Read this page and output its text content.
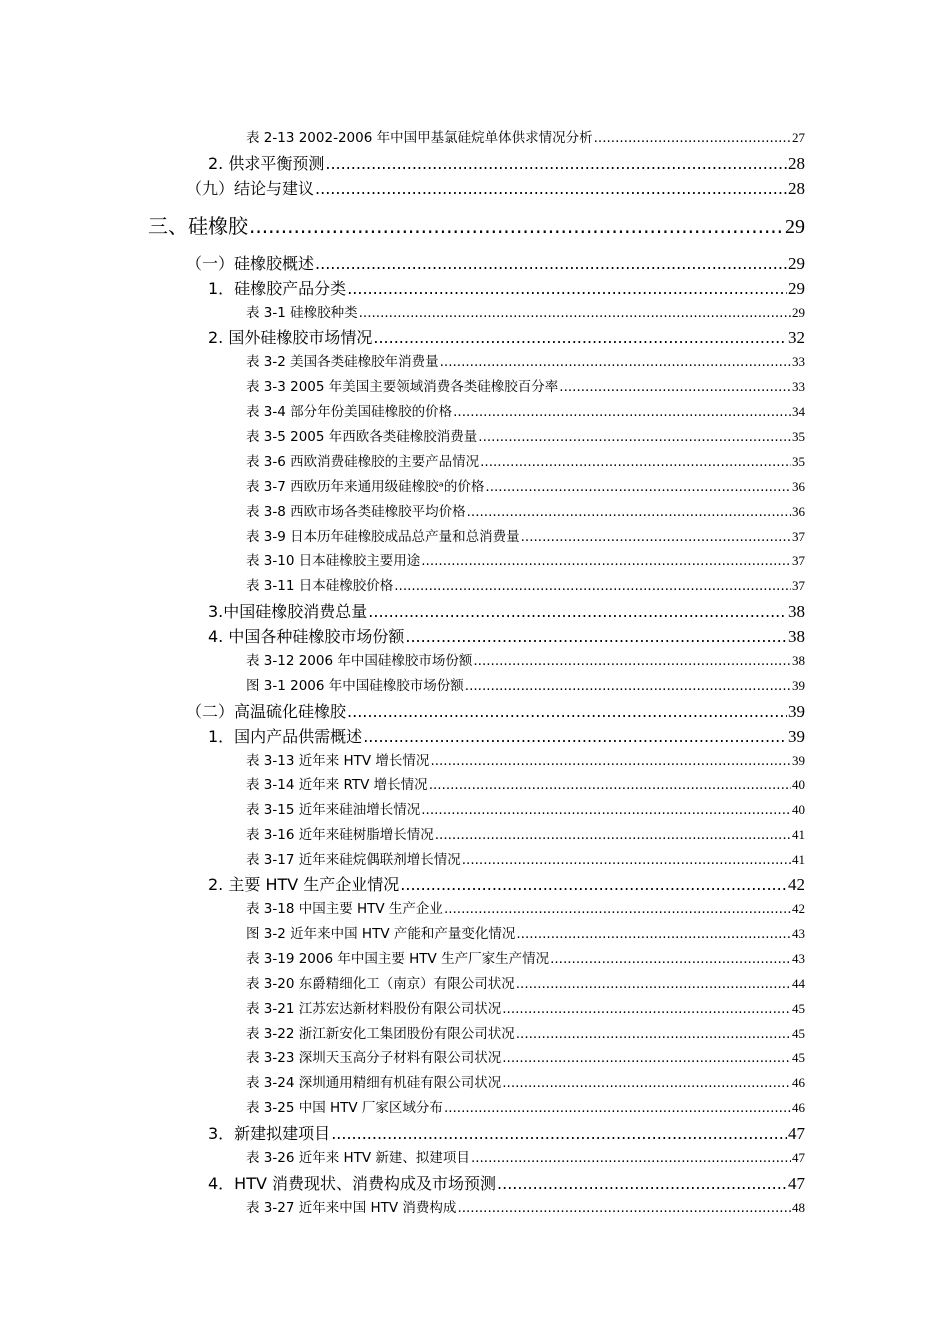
表 2-13 2002-2006 年中国甲基氯硅烷单体供求情况分析 .....	27
2. 供求平衡预测 .....	28
（九）结论与建议 .....	28
三、硅橡胶 .....	29
（一）硅橡胶概述 .....	29
1．硅橡胶产品分类 .....	29
表 3-1 硅橡胶种类 .....	29
2. 国外硅橡胶市场情况 .....	32
表 3-2 美国各类硅橡胶年消费量 .....	33
表 3-3 2005 年美国主要领域消费各类硅橡胶百分率 .....	33
表 3-4 部分年份美国硅橡胶的价格 .....	34
表 3-5 2005 年西欧各类硅橡胶消费量 .....	35
表 3-6 西欧消费硅橡胶的主要产品情况 .....	35
表 3-7 西欧历年来通用级硅橡胶ᵃ的价格 .....	36
表 3-8 西欧市场各类硅橡胶平均价格 .....	36
表 3-9 日本历年硅橡胶成品总产量和总消费量 .....	37
表 3-10 日本硅橡胶主要用途 .....	37
表 3-11 日本硅橡胶价格 .....	37
3.中国硅橡胶消费总量 .....	38
4. 中国各种硅橡胶市场份额 .....	38
表 3-12 2006 年中国硅橡胶市场份额 .....	38
图 3-1 2006 年中国硅橡胶市场份额 .....	39
（二）高温硫化硅橡胶 .....	39
1．国内产品供需概述 .....	39
表 3-13 近年来 HTV 增长情况 .....	39
表 3-14 近年来 RTV 增长情况 .....	40
表 3-15 近年来硅油增长情况 .....	40
表 3-16 近年来硅树脂增长情况 .....	41
表 3-17 近年来硅烷偶联剂增长情况 .....	41
2. 主要 HTV 生产企业情况 .....	42
表 3-18 中国主要 HTV 生产企业 .....	42
图 3-2 近年来中国 HTV 产能和产量变化情况 .....	43
表 3-19 2006 年中国主要 HTV 生产厂家生产情况 .....	43
表 3-20 东爵精细化工（南京）有限公司状况 .....	44
表 3-21 江苏宏达新材料股份有限公司状况 .....	45
表 3-22 浙江新安化工集团股份有限公司状况 .....	45
表 3-23 深圳天玉高分子材料有限公司状况 .....	45
表 3-24 深圳通用精细有机硅有限公司状况 .....	46
表 3-25 中国 HTV 厂家区域分布 .....	46
3．新建拟建项目 .....	47
表 3-26 近年来 HTV 新建、拟建项目 .....	47
4．HTV 消费现状、消费构成及市场预测 .....	47
表 3-27 近年来中国 HTV 消费构成 .....	48
